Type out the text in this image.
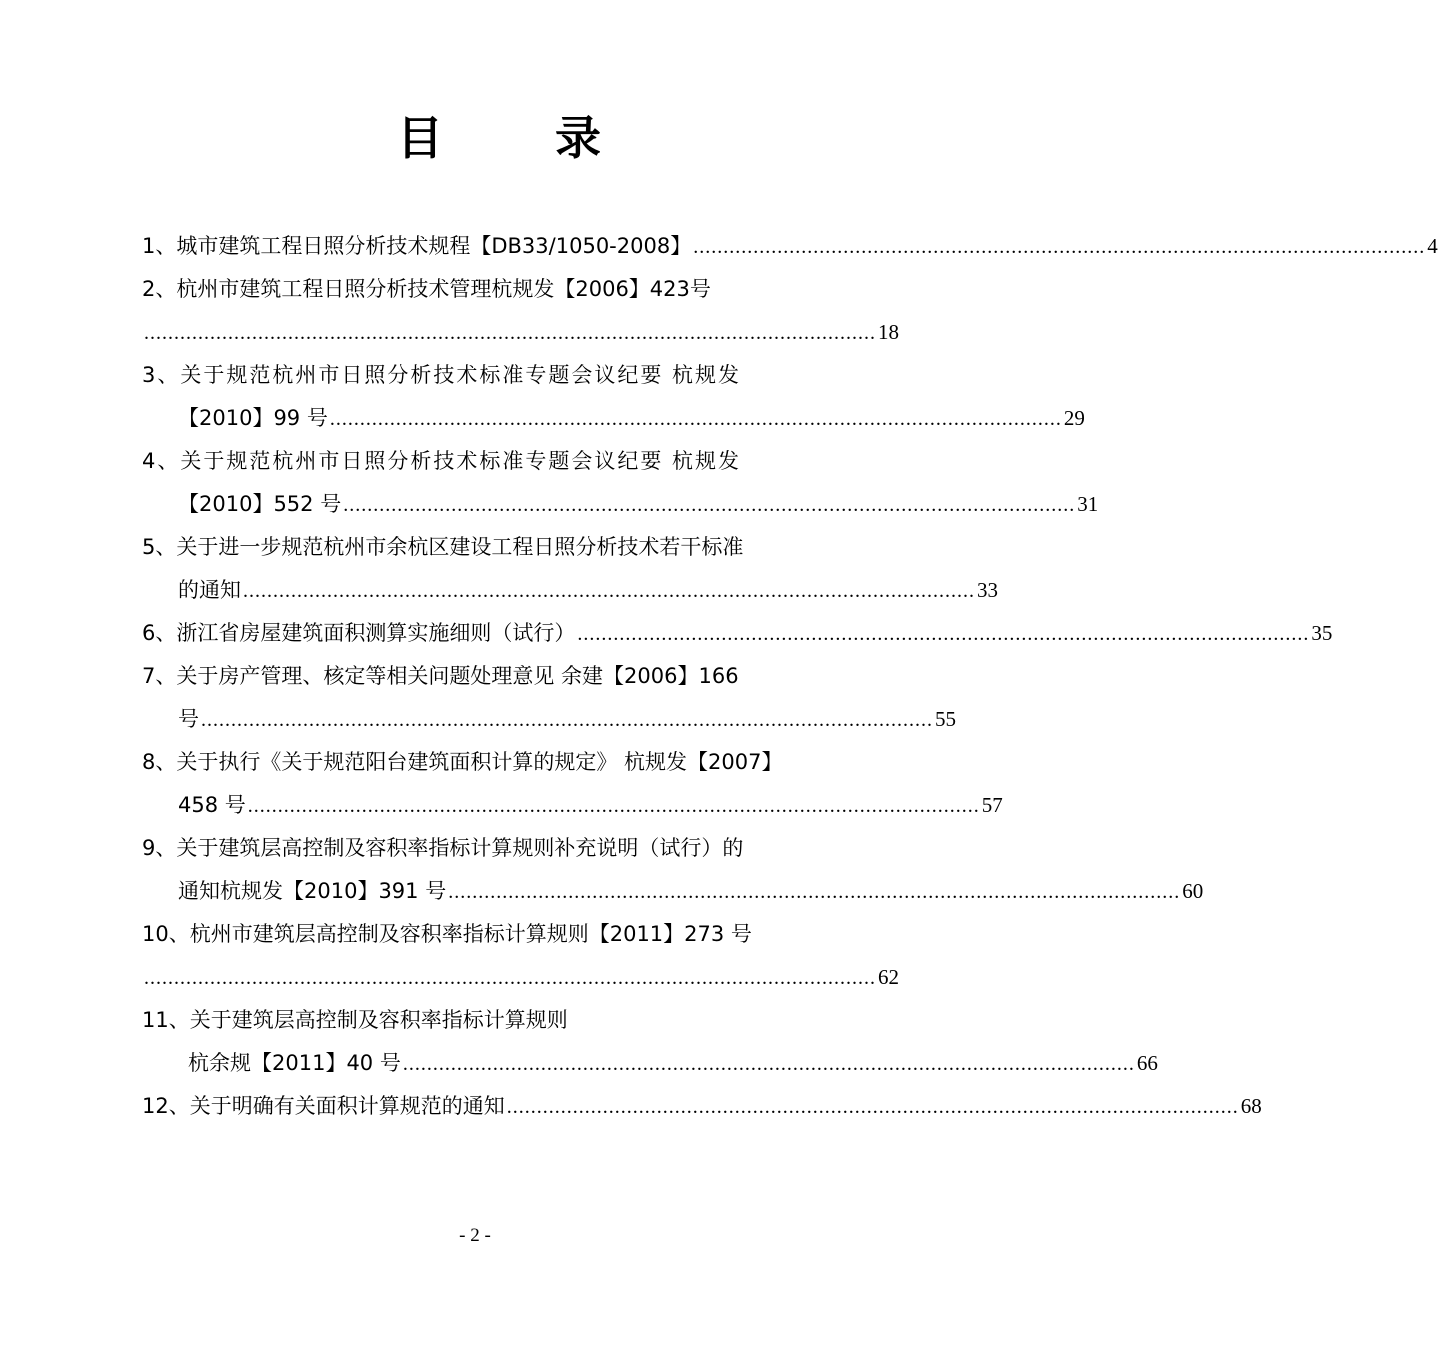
目 录
1、城市建筑工程日照分析技术规程【DB33/1050-2008】 .......................................................................................................................... 4
2、杭州市建筑工程日照分析技术管理杭规发【2006】423号
.......................................................................................................................... 18
3、关于规范杭州市日照分析技术标准专题会议纪要 杭规发
【2010】99 号 .......................................................................................................................... 29
4、关于规范杭州市日照分析技术标准专题会议纪要 杭规发
【2010】552 号 .......................................................................................................................... 31
5、关于进一步规范杭州市余杭区建设工程日照分析技术若干标准
的通知 .......................................................................................................................... 33
6、浙江省房屋建筑面积测算实施细则（试行） .......................................................................................................................... 35
7、关于房产管理、核定等相关问题处理意见 余建【2006】166
号 .......................................................................................................................... 55
8、关于执行《关于规范阳台建筑面积计算的规定》 杭规发【2007】
458 号 .......................................................................................................................... 57
9、关于建筑层高控制及容积率指标计算规则补充说明（试行）的
通知杭规发【2010】391 号 .......................................................................................................................... 60
10、杭州市建筑层高控制及容积率指标计算规则【2011】273 号
.......................................................................................................................... 62
11、关于建筑层高控制及容积率指标计算规则
杭余规【2011】40 号 .......................................................................................................................... 66
12、关于明确有关面积计算规范的通知 .......................................................................................................................... 68
- 2 -
